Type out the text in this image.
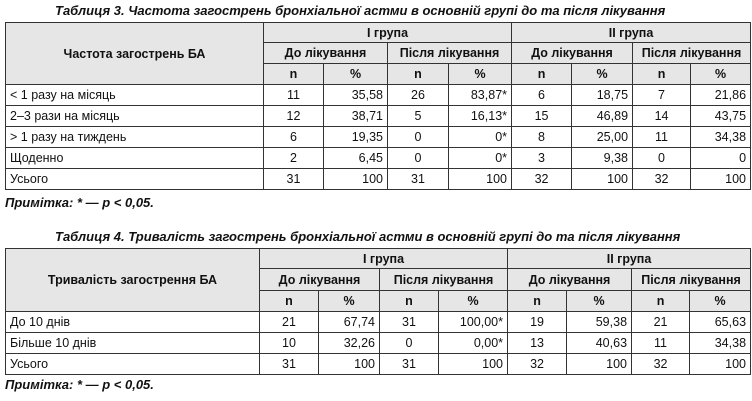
Таблиця 3. Частота загострень бронхіальної астми в основній групі до та після лікування
Частота загострень БА	I група				II група			
	До лікування		Після лікування		До лікування		Після лікування	
	n	%	n	%	n	%	n	%
< 1 разу на місяць	11	35,58	26	83,87*	6	18,75	7	21,86
2–3 рази на місяць	12	38,71	5	16,13*	15	46,89	14	43,75
> 1 разу на тиждень	6	19,35	0	0*	8	25,00	11	34,38
Щоденно	2	6,45	0	0*	3	9,38	0	0
Усього	31	100	31	100	32	100	32	100
Примітка: * — p < 0,05.
Таблиця 4. Тривалість загострень бронхіальної астми в основній групі до та після лікування
Тривалість загострення БА	I група				II група			
	До лікування		Після лікування		До лікування		Після лікування	
	n	%	n	%	n	%	n	%
До 10 днів	21	67,74	31	100,00*	19	59,38	21	65,63
Більше 10 днів	10	32,26	0	0,00*	13	40,63	11	34,38
Усього	31	100	31	100	32	100	32	100
Примітка: * — p < 0,05.
